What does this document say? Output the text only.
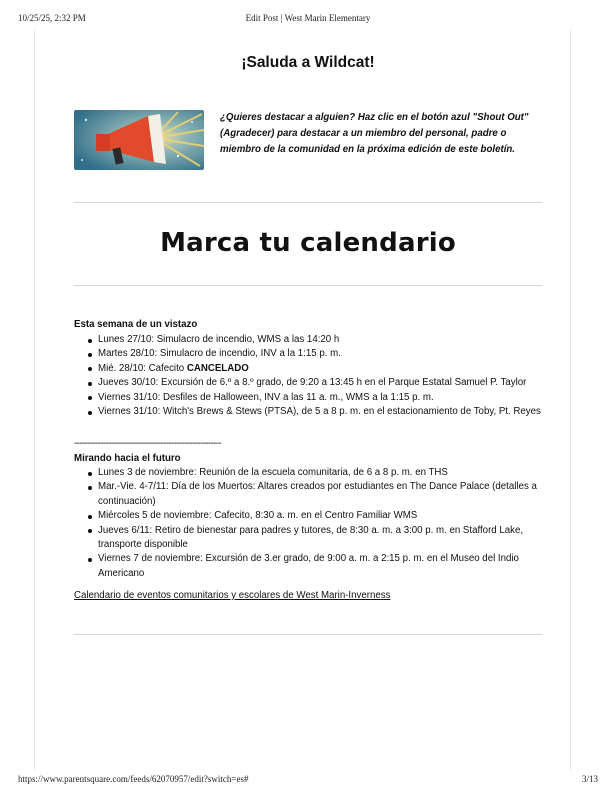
10/25/25, 2:32 PM	Edit Post | West Marin Elementary
¡Saluda a Wildcat!
¿Quieres destacar a alguien? Haz clic en el botón azul "Shout Out" (Agradecer) para destacar a un miembro del personal, padre o miembro de la comunidad en la próxima edición de este boletín.
Marca tu calendario
Esta semana de un vistazo
Lunes 27/10: Simulacro de incendio, WMS a las 14:20 h
Martes 28/10: Simulacro de incendio, INV a la 1:15 p. m.
Mié. 28/10: Cafecito CANCELADO
Jueves 30/10: Excursión de 6.º a 8.º grado, de 9:20 a 13:45 h en el Parque Estatal Samuel P. Taylor
Viernes 31/10: Desfiles de Halloween, INV a las 11 a. m., WMS a la 1:15 p. m.
Viernes 31/10: Witch's Brews & Stews (PTSA), de 5 a 8 p. m. en el estacionamiento de Toby, Pt. Reyes
--------------------------------------------------------
Mirando hacia el futuro
Lunes 3 de noviembre: Reunión de la escuela comunitaria, de 6 a 8 p. m. en THS
Mar.-Vie. 4-7/11: Día de los Muertos: Altares creados por estudiantes en The Dance Palace (detalles a continuación)
Miércoles 5 de noviembre: Cafecito, 8:30 a. m. en el Centro Familiar WMS
Jueves 6/11: Retiro de bienestar para padres y tutores, de 8:30 a. m. a 3:00 p. m. en Stafford Lake, transporte disponible
Viernes 7 de noviembre: Excursión de 3.er grado, de 9:00 a. m. a 2:15 p. m. en el Museo del Indio Americano
Calendario de eventos comunitarios y escolares de West Marin-Inverness
https://www.parentsquare.com/feeds/62070957/edit?switch=es#	3/13
